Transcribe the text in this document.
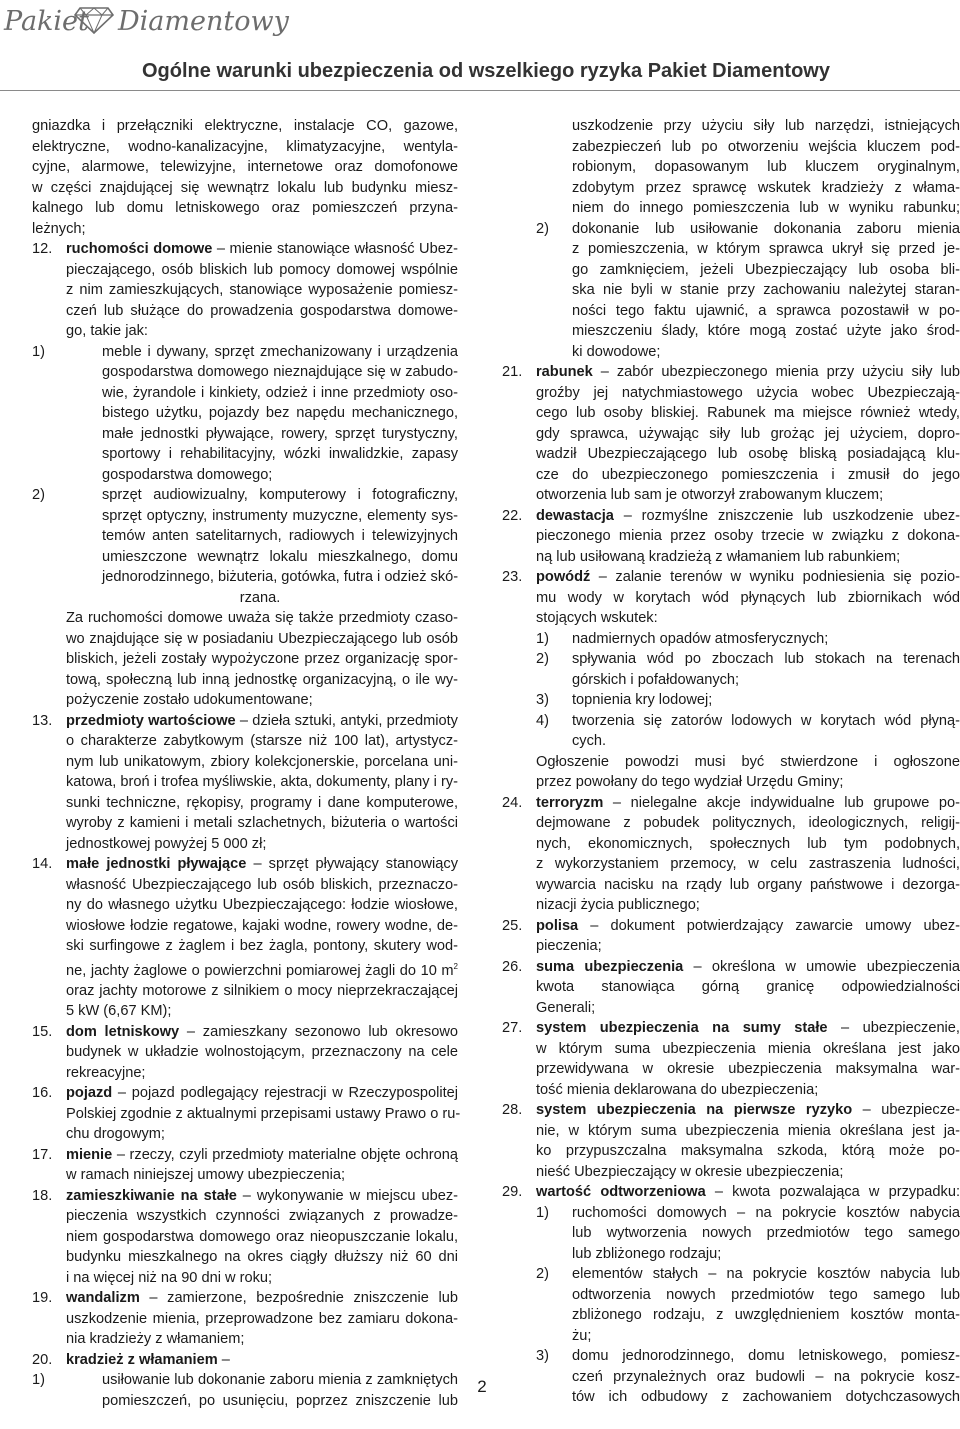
Pakiet Diamentowy
Ogólne warunki ubezpieczenia od wszelkiego ryzyka Pakiet Diamentowy
gniazdka i przełączniki elektryczne, instalacje CO, gazowe,
elektryczne, wodno-kanalizacyjne, klimatyzacyjne, wentyla-
cyjne, alarmowe, telewizyjne, internetowe oraz domofonowe
w części znajdującej się wewnątrz lokalu lub budynku miesz-
kalnego lub domu letniskowego oraz pomieszczeń przyna-
leżnych;
12. ruchomości domowe – mienie stanowiące własność Ubez-
pieczającego, osób bliskich lub pomocy domowej wspólnie
z nim zamieszkujących, stanowiące wyposażenie pomiesz-
czeń lub służące do prowadzenia gospodarstwa domowe-
go, takie jak:
1)	meble i dywany, sprzęt zmechanizowany i urządzenia
gospodarstwa domowego nieznajdujące się w zabudo-
wie, żyrandole i kinkiety, odzież i inne przedmioty oso-
bistego użytku, pojazdy bez napędu mechanicznego,
małe jednostki pływające, rowery, sprzęt turystyczny,
sportowy i rehabilitacyjny, wózki inwalidzkie, zapasy
gospodarstwa domowego;
2)	sprzęt audiowizualny, komputerowy i fotograficzny,
sprzęt optyczny, instrumenty muzyczne, elementy sys-
temów anten satelitarnych, radiowych i telewizyjnych
umieszczone wewnątrz lokalu mieszkalnego, domu
jednorodzinnego, biżuteria, gotówka, futra i odzież skó-
rzana.
Za ruchomości domowe uważa się także przedmioty czaso-
wo znajdujące się w posiadaniu Ubezpieczającego lub osób
bliskich, jeżeli zostały wypożyczone przez organizację spor-
tową, społeczną lub inną jednostkę organizacyjną, o ile wy-
pożyczenie zostało udokumentowane;
13. przedmioty wartościowe – dzieła sztuki, antyki, przedmioty
o charakterze zabytkowym (starsze niż 100 lat), artystycz-
nym lub unikatowym, zbiory kolekcjonerskie, porcelana uni-
katowa, broń i trofea myśliwskie, akta, dokumenty, plany i ry-
sunki techniczne, rękopisy, programy i dane komputerowe,
wyroby z kamieni i metali szlachetnych, biżuteria o wartości
jednostkowej powyżej 5 000 zł;
14. małe jednostki pływające – sprzęt pływający stanowiący
własność Ubezpieczającego lub osób bliskich, przeznaczo-
ny do własnego użytku Ubezpieczającego: łodzie wiosłowe,
wiosłowe łodzie regatowe, kajaki wodne, rowery wodne, de-
ski surfingowe z żaglem i bez żagla, pontony, skutery wod-
ne, jachty żaglowe o powierzchni pomiarowej żagli do 10 $m^2$
oraz jachty motorowe z silnikiem o mocy nieprzekraczającej
5 kW (6,67 KM);
15. dom letniskowy – zamieszkany sezonowo lub okresowo
budynek w układzie wolnostojącym, przeznaczony na cele
rekreacyjne;
16. pojazd – pojazd podlegający rejestracji w Rzeczypospolitej
Polskiej zgodnie z aktualnymi przepisami ustawy Prawo o ru-
chu drogowym;
17. mienie – rzeczy, czyli przedmioty materialne objęte ochroną
w ramach niniejszej umowy ubezpieczenia;
18. zamieszkiwanie na stałe – wykonywanie w miejscu ubez-
pieczenia wszystkich czynności związanych z prowadze-
niem gospodarstwa domowego oraz nieopuszczanie lokalu,
budynku mieszkalnego na okres ciągły dłuższy niż 60 dni
i na więcej niż na 90 dni w roku;
19. wandalizm – zamierzone, bezpośrednie zniszczenie lub
uszkodzenie mienia, przeprowadzone bez zamiaru dokona-
nia kradzieży z włamaniem;
20. kradzież z włamaniem –
1)	usiłowanie lub dokonanie zaboru mienia z zamkniętych
pomieszczeń, po usunięciu, poprzez zniszczenie lub
uszkodzenie przy użyciu siły lub narzędzi, istniejących
zabezpieczeń lub po otworzeniu wejścia kluczem pod-
robionym, dopasowanym lub kluczem oryginalnym,
zdobytym przez sprawcę wskutek kradzieży z włama-
niem do innego pomieszczenia lub w wyniku rabunku;
2) dokonanie lub usiłowanie dokonania zaboru mienia
z pomieszczenia, w którym sprawca ukrył się przed je-
go zamknięciem, jeżeli Ubezpieczający lub osoba bli-
ska nie byli w stanie przy zachowaniu należytej staran-
ności tego faktu ujawnić, a sprawca pozostawił w po-
mieszczeniu ślady, które mogą zostać użyte jako środ-
ki dowodowe;
21. rabunek – zabór ubezpieczonego mienia przy użyciu siły lub
groźby jej natychmiastowego użycia wobec Ubezpieczają-
cego lub osoby bliskiej. Rabunek ma miejsce również wtedy,
gdy sprawca, używając siły lub grożąc jej użyciem, dopro-
wadził Ubezpieczającego lub osobę bliską posiadającą klu-
cze do ubezpieczonego pomieszczenia i zmusił do jego
otworzenia lub sam je otworzył zrabowanym kluczem;
22. dewastacja – rozmyślne zniszczenie lub uszkodzenie ubez-
pieczonego mienia przez osoby trzecie w związku z dokona-
ną lub usiłowaną kradzieżą z włamaniem lub rabunkiem;
23. powódź – zalanie terenów w wyniku podniesienia się pozio-
mu wody w korytach wód płynących lub zbiornikach wód
stojących wskutek:
1) nadmiernych opadów atmosferycznych;
2) spływania wód po zboczach lub stokach na terenach
górskich i pofałdowanych;
3) topnienia kry lodowej;
4) tworzenia się zatorów lodowych w korytach wód płyną-
cych.
Ogłoszenie powodzi musi być stwierdzone i ogłoszone
przez powołany do tego wydział Urzędu Gminy;
24. terroryzm – nielegalne akcje indywidualne lub grupowe po-
dejmowane z pobudek politycznych, ideologicznych, religij-
nych, ekonomicznych, społecznych lub tym podobnych,
z wykorzystaniem przemocy, w celu zastraszenia ludności,
wywarcia nacisku na rządy lub organy państwowe i dezorga-
nizacji życia publicznego;
25. polisa – dokument potwierdzający zawarcie umowy ubez-
pieczenia;
26. suma ubezpieczenia – określona w umowie ubezpieczenia
kwota stanowiąca górną granicę odpowiedzialności
Generali;
27. system ubezpieczenia na sumy stałe – ubezpieczenie,
w którym suma ubezpieczenia mienia określana jest jako
przewidywana w okresie ubezpieczenia maksymalna war-
tość mienia deklarowana do ubezpieczenia;
28. system ubezpieczenia na pierwsze ryzyko – ubezpiecze-
nie, w którym suma ubezpieczenia mienia określana jest ja-
ko przypuszczalna maksymalna szkoda, którą może po-
nieść Ubezpieczający w okresie ubezpieczenia;
29. wartość odtworzeniowa – kwota pozwalająca w przypadku:
1) ruchomości domowych – na pokrycie kosztów nabycia
lub wytworzenia nowych przedmiotów tego samego
lub zbliżonego rodzaju;
2) elementów stałych – na pokrycie kosztów nabycia lub
odtworzenia nowych przedmiotów tego samego lub
zbliżonego rodzaju, z uwzględnieniem kosztów monta-
żu;
3) domu jednorodzinnego, domu letniskowego, pomiesz-
czeń przynależnych oraz budowli – na pokrycie kosz-
tów ich odbudowy z zachowaniem dotychczasowych
2
